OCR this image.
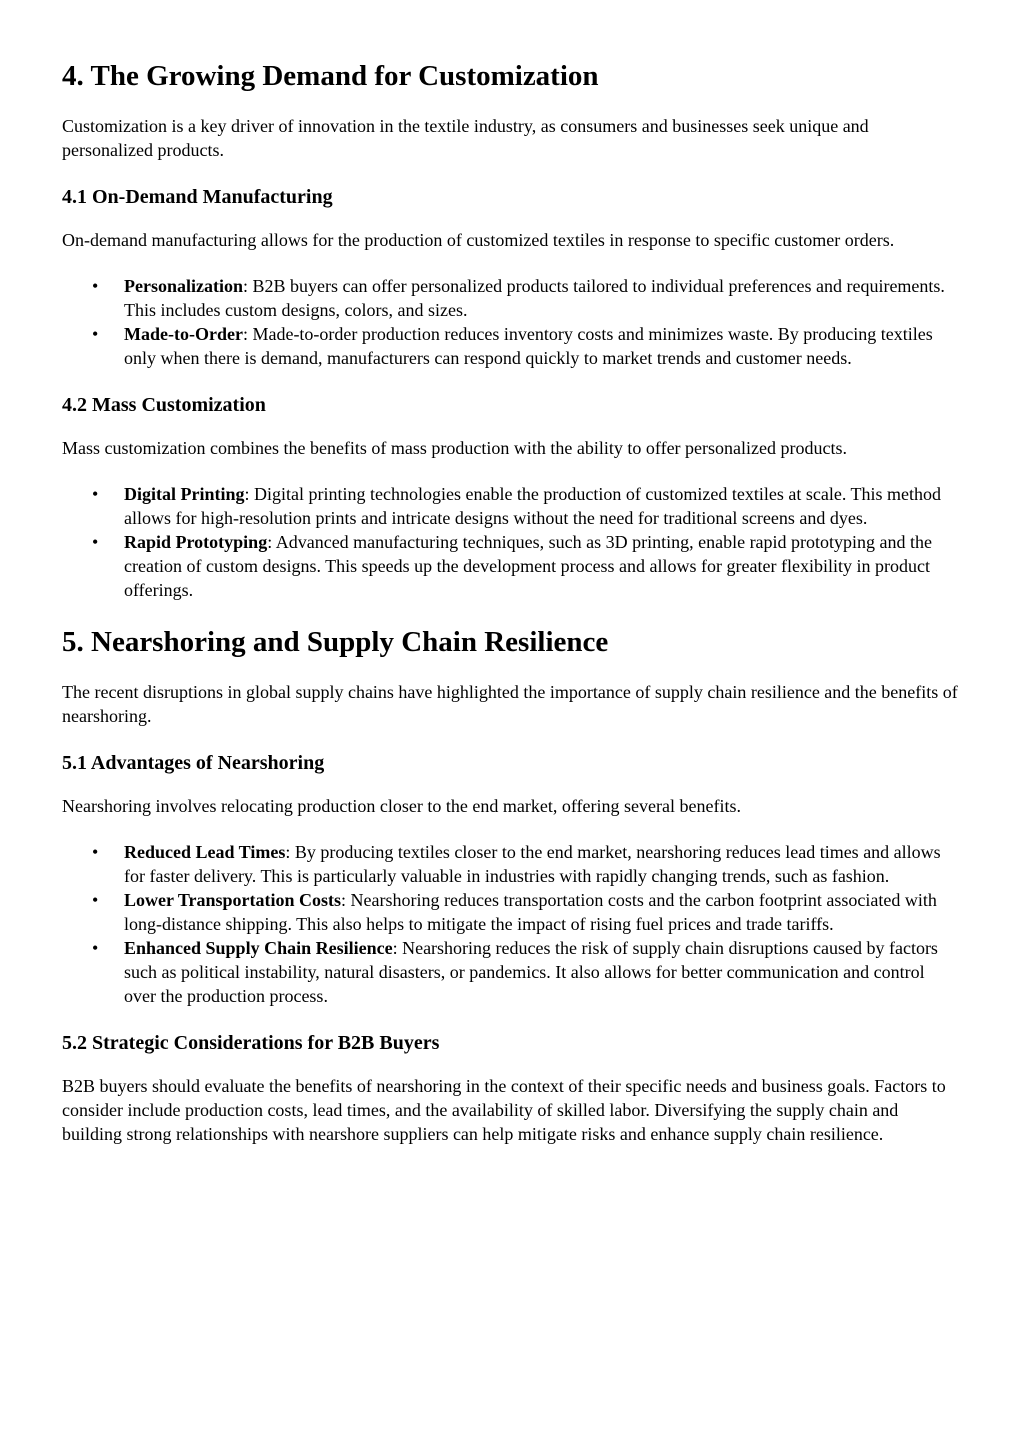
4. The Growing Demand for Customization

Customization is a key driver of innovation in the textile industry, as consumers and businesses seek unique and personalized products.

4.1 On-Demand Manufacturing

On-demand manufacturing allows for the production of customized textiles in response to specific customer orders.

• Personalization: B2B buyers can offer personalized products tailored to individual preferences and requirements. This includes custom designs, colors, and sizes.
• Made-to-Order: Made-to-order production reduces inventory costs and minimizes waste. By producing textiles only when there is demand, manufacturers can respond quickly to market trends and customer needs.
4.2 Mass Customization

Mass customization combines the benefits of mass production with the ability to offer personalized products.

• Digital Printing: Digital printing technologies enable the production of customized textiles at scale. This method allows for high-resolution prints and intricate designs without the need for traditional screens and dyes.
• Rapid Prototyping: Advanced manufacturing techniques, such as 3D printing, enable rapid prototyping and the creation of custom designs. This speeds up the development process and allows for greater flexibility in product offerings.
5. Nearshoring and Supply Chain Resilience

The recent disruptions in global supply chains have highlighted the importance of supply chain resilience and the benefits of nearshoring.

5.1 Advantages of Nearshoring

Nearshoring involves relocating production closer to the end market, offering several benefits.

• Reduced Lead Times: By producing textiles closer to the end market, nearshoring reduces lead times and allows for faster delivery. This is particularly valuable in industries with rapidly changing trends, such as fashion.
• Lower Transportation Costs: Nearshoring reduces transportation costs and the carbon footprint associated with long-distance shipping. This also helps to mitigate the impact of rising fuel prices and trade tariffs.
• Enhanced Supply Chain Resilience: Nearshoring reduces the risk of supply chain disruptions caused by factors such as political instability, natural disasters, or pandemics. It also allows for better communication and control over the production process.
5.2 Strategic Considerations for B2B Buyers

B2B buyers should evaluate the benefits of nearshoring in the context of their specific needs and business goals. Factors to consider include production costs, lead times, and the availability of skilled labor. Diversifying the supply chain and building strong relationships with nearshore suppliers can help mitigate risks and enhance supply chain resilience.
